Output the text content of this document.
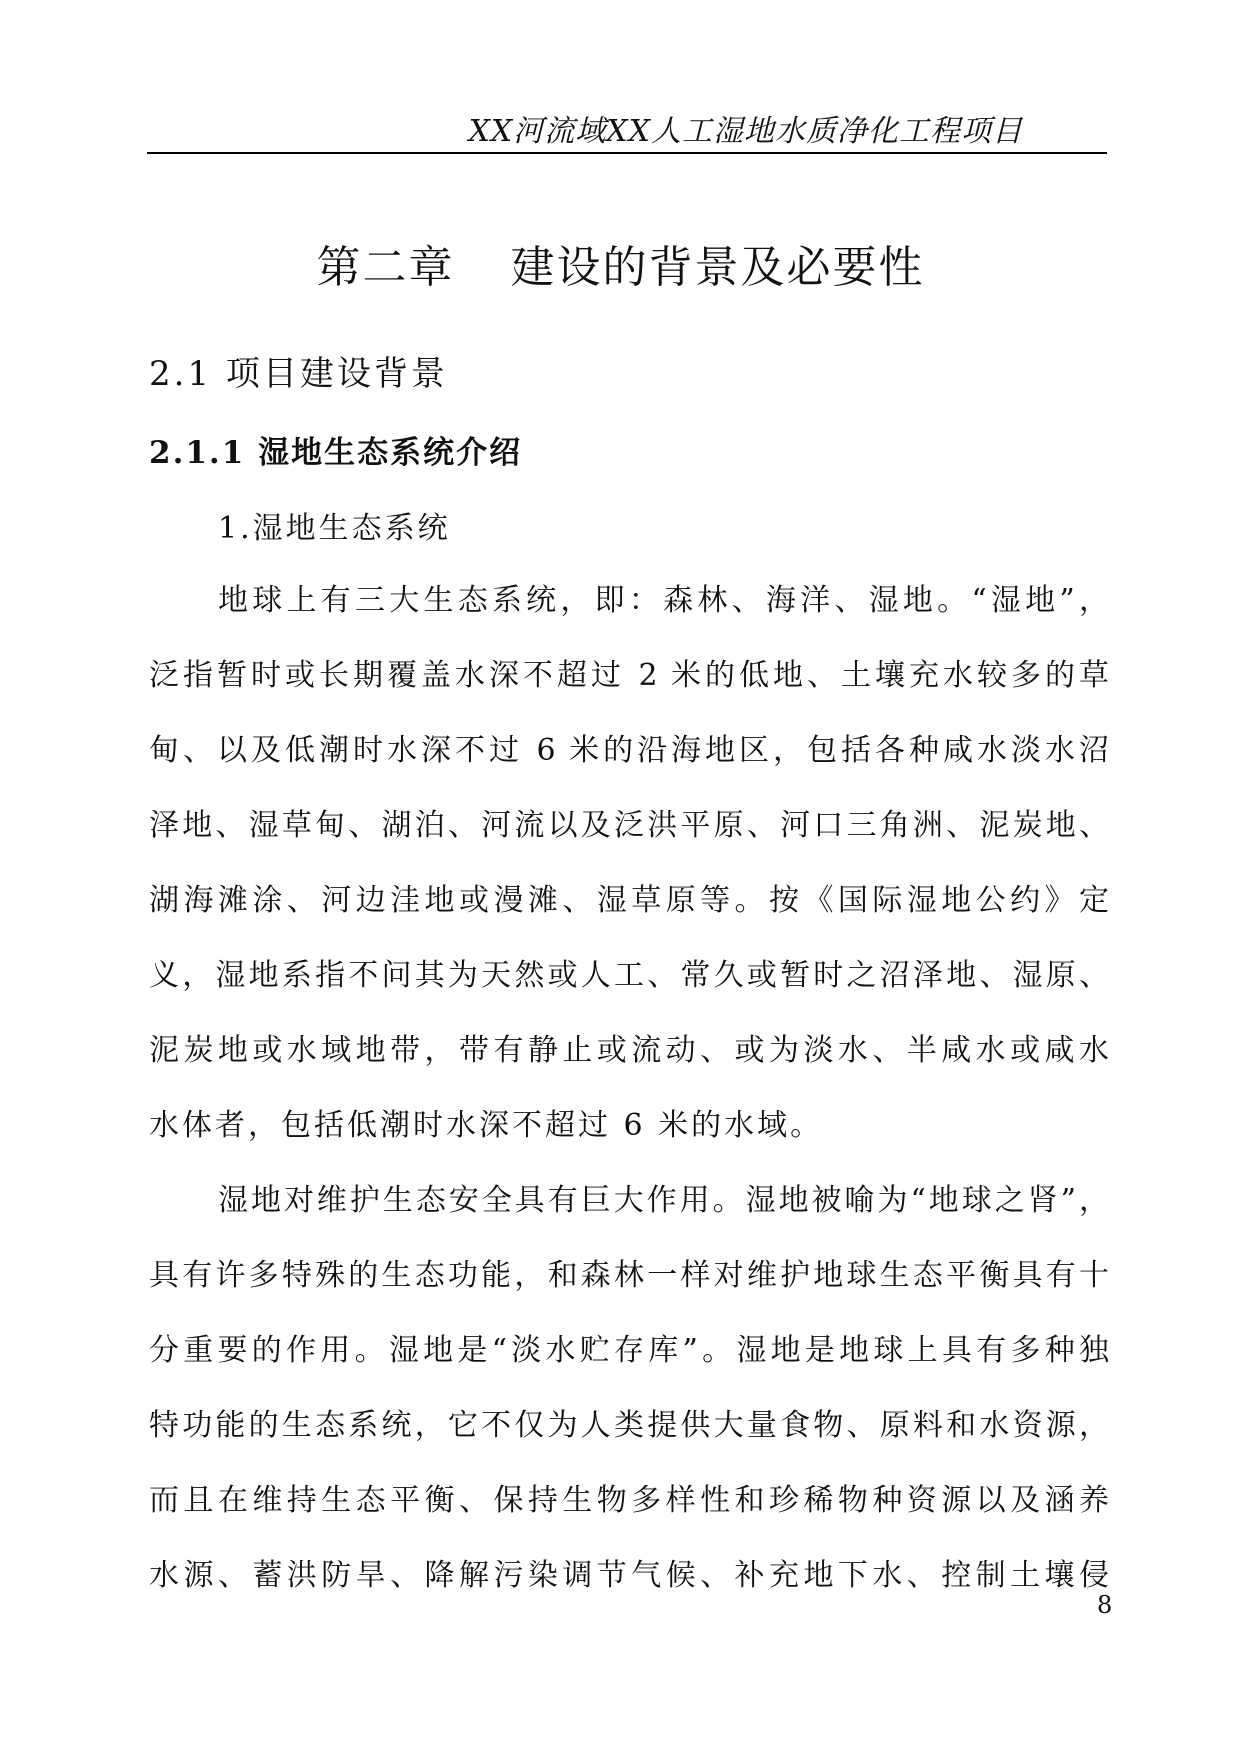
XX河流域XX人工湿地水质净化工程项目
第二章 建设的背景及必要性
2.1 项目建设背景
2.1.1 湿地生态系统介绍
1.湿地生态系统
地球上有三大生态系统，即：森林、海洋、湿地。“湿地”，
泛指暂时或长期覆盖水深不超过 2 米的低地、土壤充水较多的草
甸、以及低潮时水深不过 6 米的沿海地区，包括各种咸水淡水沼
泽地、湿草甸、湖泊、河流以及泛洪平原、河口三角洲、泥炭地、
湖海滩涂、河边洼地或漫滩、湿草原等。按《国际湿地公约》定
义，湿地系指不问其为天然或人工、常久或暂时之沼泽地、湿原、
泥炭地或水域地带，带有静止或流动、或为淡水、半咸水或咸水
水体者，包括低潮时水深不超过 6 米的水域。
湿地对维护生态安全具有巨大作用。湿地被喻为“地球之肾”，
具有许多特殊的生态功能，和森林一样对维护地球生态平衡具有十
分重要的作用。湿地是“淡水贮存库”。湿地是地球上具有多种独
特功能的生态系统，它不仅为人类提供大量食物、原料和水资源，
而且在维持生态平衡、保持生物多样性和珍稀物种资源以及涵养
水源、蓄洪防旱、降解污染调节气候、补充地下水、控制土壤侵
8
